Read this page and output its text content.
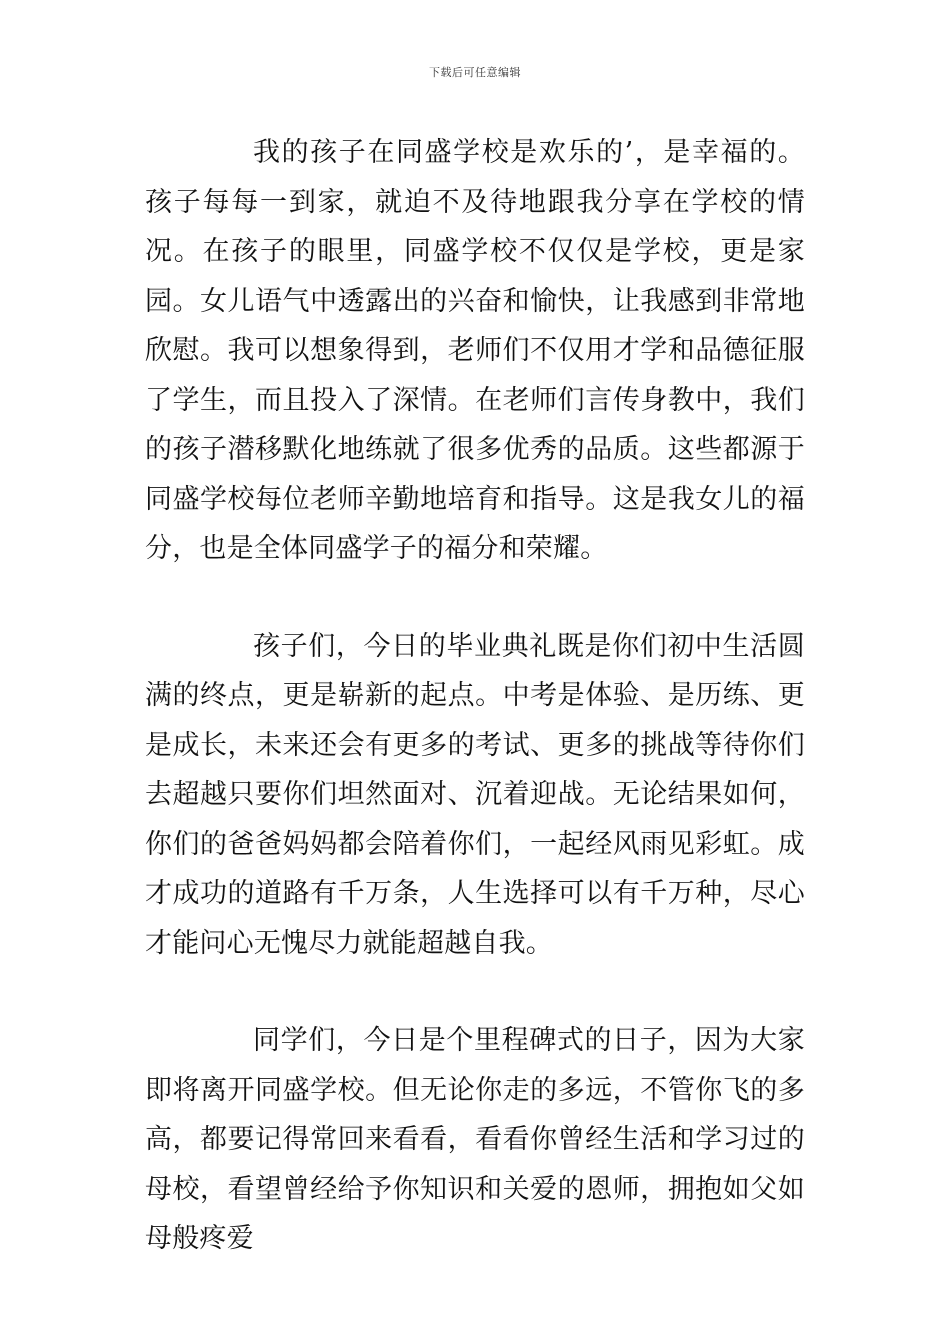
下载后可任意编辑

我的孩子在同盛学校是欢乐的’，是幸福的。孩子每每一到家，就迫不及待地跟我分享在学校的情况。在孩子的眼里，同盛学校不仅仅是学校，更是家园。女儿语气中透露出的兴奋和愉快，让我感到非常地欣慰。我可以想象得到，老师们不仅用才学和品德征服了学生，而且投入了深情。在老师们言传身教中，我们的孩子潜移默化地练就了很多优秀的品质。这些都源于同盛学校每位老师辛勤地培育和指导。这是我女儿的福分，也是全体同盛学子的福分和荣耀。

孩子们，今日的毕业典礼既是你们初中生活圆满的终点，更是崭新的起点。中考是体验、是历练、更是成长，未来还会有更多的考试、更多的挑战等待你们去超越只要你们坦然面对、沉着迎战。无论结果如何，你们的爸爸妈妈都会陪着你们，一起经风雨见彩虹。成才成功的道路有千万条，人生选择可以有千万种，尽心才能问心无愧尽力就能超越自我。

同学们，今日是个里程碑式的日子，因为大家即将离开同盛学校。但无论你走的多远，不管你飞的多高，都要记得常回来看看，看看你曾经生活和学习过的母校，看望曾经给予你知识和关爱的恩师，拥抱如父如母般疼爱
